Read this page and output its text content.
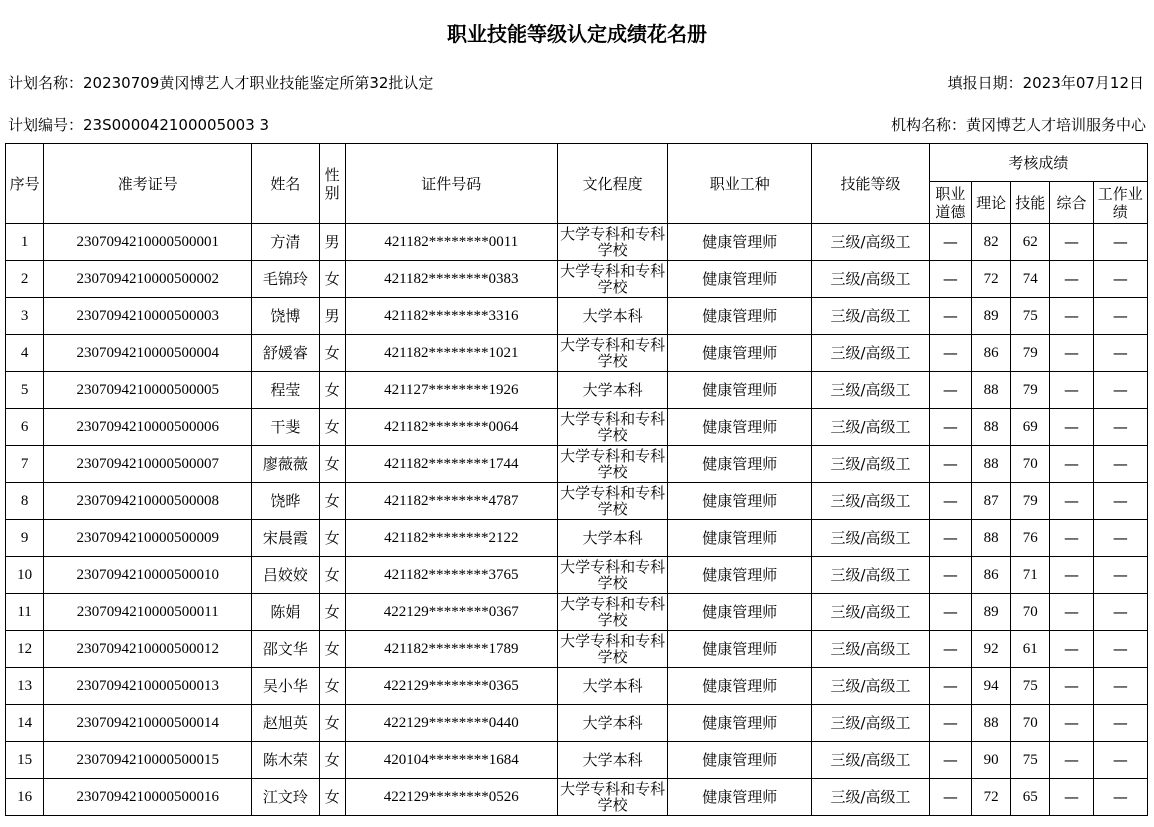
职业技能等级认定成绩花名册
计划名称：20230709黄冈博艺人才职业技能鉴定所第32批认定	填报日期：2023年07月12日
计划编号：23S000042100005003 3	机构名称：黄冈博艺人才培训服务中心
序号	准考证号	姓名	性别	证件号码	文化程度	职业工种	技能等级	考核成绩				
								职业道德	理论	技能	综合	工作业绩
1	2307094210000500001	方清	男	421182********0011	大学专科和专科学校	健康管理师	三级/高级工	—	82	62	—	—
2	2307094210000500002	毛锦玲	女	421182********0383	大学专科和专科学校	健康管理师	三级/高级工	—	72	74	—	—
3	2307094210000500003	饶博	男	421182********3316	大学本科	健康管理师	三级/高级工	—	89	75	—	—
4	2307094210000500004	舒媛睿	女	421182********1021	大学专科和专科学校	健康管理师	三级/高级工	—	86	79	—	—
5	2307094210000500005	程莹	女	421127********1926	大学本科	健康管理师	三级/高级工	—	88	79	—	—
6	2307094210000500006	干斐	女	421182********0064	大学专科和专科学校	健康管理师	三级/高级工	—	88	69	—	—
7	2307094210000500007	廖薇薇	女	421182********1744	大学专科和专科学校	健康管理师	三级/高级工	—	88	70	—	—
8	2307094210000500008	饶晔	女	421182********4787	大学专科和专科学校	健康管理师	三级/高级工	—	87	79	—	—
9	2307094210000500009	宋晨霞	女	421182********2122	大学本科	健康管理师	三级/高级工	—	88	76	—	—
10	2307094210000500010	吕姣姣	女	421182********3765	大学专科和专科学校	健康管理师	三级/高级工	—	86	71	—	—
11	2307094210000500011	陈娟	女	422129********0367	大学专科和专科学校	健康管理师	三级/高级工	—	89	70	—	—
12	2307094210000500012	邵文华	女	421182********1789	大学专科和专科学校	健康管理师	三级/高级工	—	92	61	—	—
13	2307094210000500013	吴小华	女	422129********0365	大学本科	健康管理师	三级/高级工	—	94	75	—	—
14	2307094210000500014	赵旭英	女	422129********0440	大学本科	健康管理师	三级/高级工	—	88	70	—	—
15	2307094210000500015	陈木荣	女	420104********1684	大学本科	健康管理师	三级/高级工	—	90	75	—	—
16	2307094210000500016	江文玲	女	422129********0526	大学专科和专科学校	健康管理师	三级/高级工	—	72	65	—	—
